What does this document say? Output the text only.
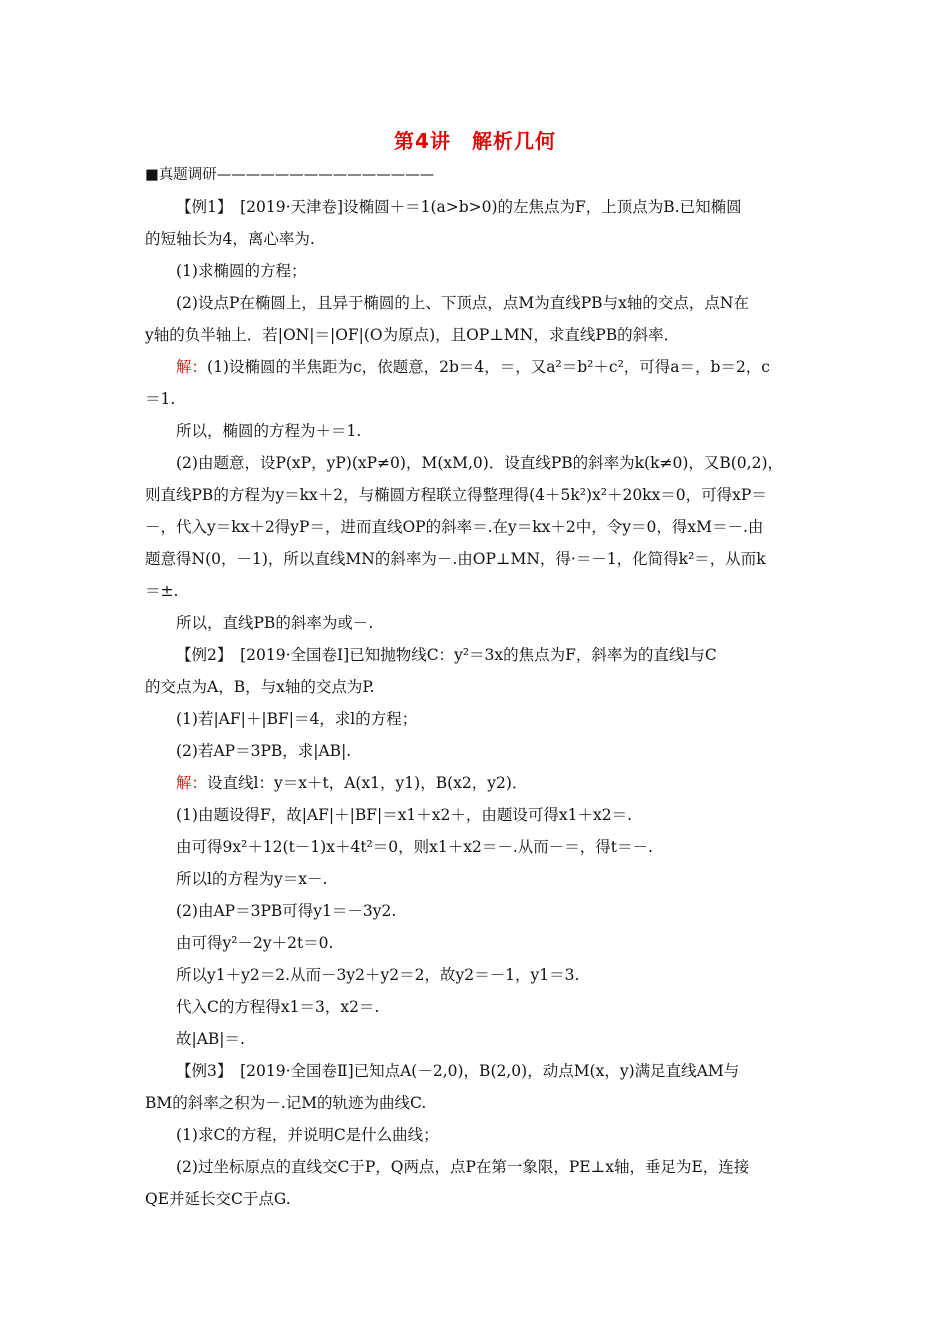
第4讲　解析几何
■真题调研———————————————
【例1】　[2019·天津卷]设椭圆＋＝1(a>b>0)的左焦点为F，上顶点为B.已知椭圆
的短轴长为4，离心率为.
(1)求椭圆的方程；
(2)设点P在椭圆上，且异于椭圆的上、下顶点，点M为直线PB与x轴的交点，点N在
y轴的负半轴上．若|ON|＝|OF|(O为原点)，且OP⊥MN，求直线PB的斜率．
解：(1)设椭圆的半焦距为c，依题意，2b＝4，＝，又a²＝b²＋c²，可得a＝，b＝2，c
＝1.
所以，椭圆的方程为＋＝1.
(2)由题意，设P(xP，yP)(xP≠0)，M(xM,0)．设直线PB的斜率为k(k≠0)，又B(0,2)，
则直线PB的方程为y＝kx＋2，与椭圆方程联立得整理得(4＋5k²)x²＋20kx＝0，可得xP＝
－，代入y＝kx＋2得yP＝，进而直线OP的斜率＝.在y＝kx＋2中，令y＝0，得xM＝－.由
题意得N(0，－1)，所以直线MN的斜率为－.由OP⊥MN，得·＝－1，化简得k²＝，从而k
＝±.
所以，直线PB的斜率为或－.
【例2】　[2019·全国卷Ⅰ]已知抛物线C：y²＝3x的焦点为F，斜率为的直线l与C
的交点为A，B，与x轴的交点为P.
(1)若|AF|＋|BF|＝4，求l的方程；
(2)若AP＝3PB，求|AB|.
解：设直线l：y＝x＋t，A(x1，y1)，B(x2，y2)．
(1)由题设得F，故|AF|＋|BF|＝x1＋x2＋，由题设可得x1＋x2＝.
由可得9x²＋12(t－1)x＋4t²＝0，则x1＋x2＝－.从而－＝，得t＝－.
所以l的方程为y＝x－.
(2)由AP＝3PB可得y1＝－3y2.
由可得y²－2y＋2t＝0.
所以y1＋y2＝2.从而－3y2＋y2＝2，故y2＝－1，y1＝3.
代入C的方程得x1＝3，x2＝.
故|AB|＝.
【例3】　[2019·全国卷Ⅱ]已知点A(－2,0)，B(2,0)，动点M(x，y)满足直线AM与
BM的斜率之积为－.记M的轨迹为曲线C.
(1)求C的方程，并说明C是什么曲线；
(2)过坐标原点的直线交C于P，Q两点，点P在第一象限，PE⊥x轴，垂足为E，连接
QE并延长交C于点G.
